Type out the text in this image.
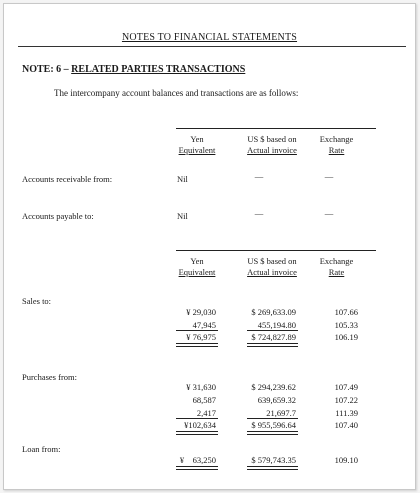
NOTES TO FINANCIAL STATEMENTS
NOTE: 6 – RELATED PARTIES TRANSACTIONS
The intercompany account balances and transactions are as follows:
Yen
Equivalent
US $ based on
Actual invoice
Exchange
Rate
Accounts receivable from:	Nil	—	—
Accounts payable to:	Nil	—	—
Yen
Equivalent
US $ based on
Actual invoice
Exchange
Rate
Sales to:
¥ 29,030	$ 269,633.09	107.66
47,945	455,194.80	105.33
¥ 76,975	$ 724,827.89	106.19
Purchases from:
¥ 31,630	$ 294,239.62	107.49
68,587	639,659.32	107.22
2,417	21,697.7	111.39
¥102,634	$ 955,596.64	107.40
Loan from:
¥    63,250	$ 579,743.35	109.10
